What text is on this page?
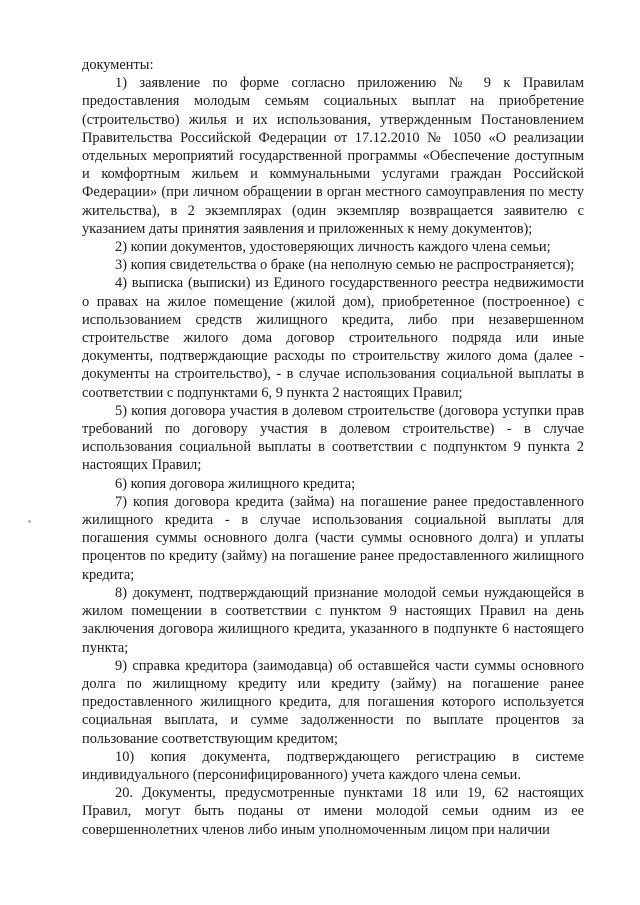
документы:

1) заявление по форме согласно приложению № 9 к Правилам предоставления молодым семьям социальных выплат на приобретение (строительство) жилья и их использования, утвержденным Постановлением Правительства Российской Федерации от 17.12.2010 № 1050 «О реализации отдельных мероприятий государственной программы «Обеспечение доступным и комфортным жильем и коммунальными услугами граждан Российской Федерации» (при личном обращении в орган местного самоуправления по месту жительства), в 2 экземплярах (один экземпляр возвращается заявителю с указанием даты принятия заявления и приложенных к нему документов);

2) копии документов, удостоверяющих личность каждого члена семьи;

3) копия свидетельства о браке (на неполную семью не распространяется);

4) выписка (выписки) из Единого государственного реестра недвижимости о правах на жилое помещение (жилой дом), приобретенное (построенное) с использованием средств жилищного кредита, либо при незавершенном строительстве жилого дома договор строительного подряда или иные документы, подтверждающие расходы по строительству жилого дома (далее - документы на строительство), - в случае использования социальной выплаты в соответствии с подпунктами 6, 9 пункта 2 настоящих Правил;

5) копия договора участия в долевом строительстве (договора уступки прав требований по договору участия в долевом строительстве) - в случае использования социальной выплаты в соответствии с подпунктом 9 пункта 2 настоящих Правил;

6) копия договора жилищного кредита;

7) копия договора кредита (займа) на погашение ранее предоставленного жилищного кредита - в случае использования социальной выплаты для погашения суммы основного долга (части суммы основного долга) и уплаты процентов по кредиту (займу) на погашение ранее предоставленного жилищного кредита;

8) документ, подтверждающий признание молодой семьи нуждающейся в жилом помещении в соответствии с пунктом 9 настоящих Правил на день заключения договора жилищного кредита, указанного в подпункте 6 настоящего пункта;

9) справка кредитора (заимодавца) об оставшейся части суммы основного долга по жилищному кредиту или кредиту (займу) на погашение ранее предоставленного жилищного кредита, для погашения которого используется социальная выплата, и сумме задолженности по выплате процентов за пользование соответствующим кредитом;

10) копия документа, подтверждающего регистрацию в системе индивидуального (персонифицированного) учета каждого члена семьи.

20. Документы, предусмотренные пунктами 18 или 19, 62 настоящих Правил, могут быть поданы от имени молодой семьи одним из ее совершеннолетних членов либо иным уполномоченным лицом при наличии
